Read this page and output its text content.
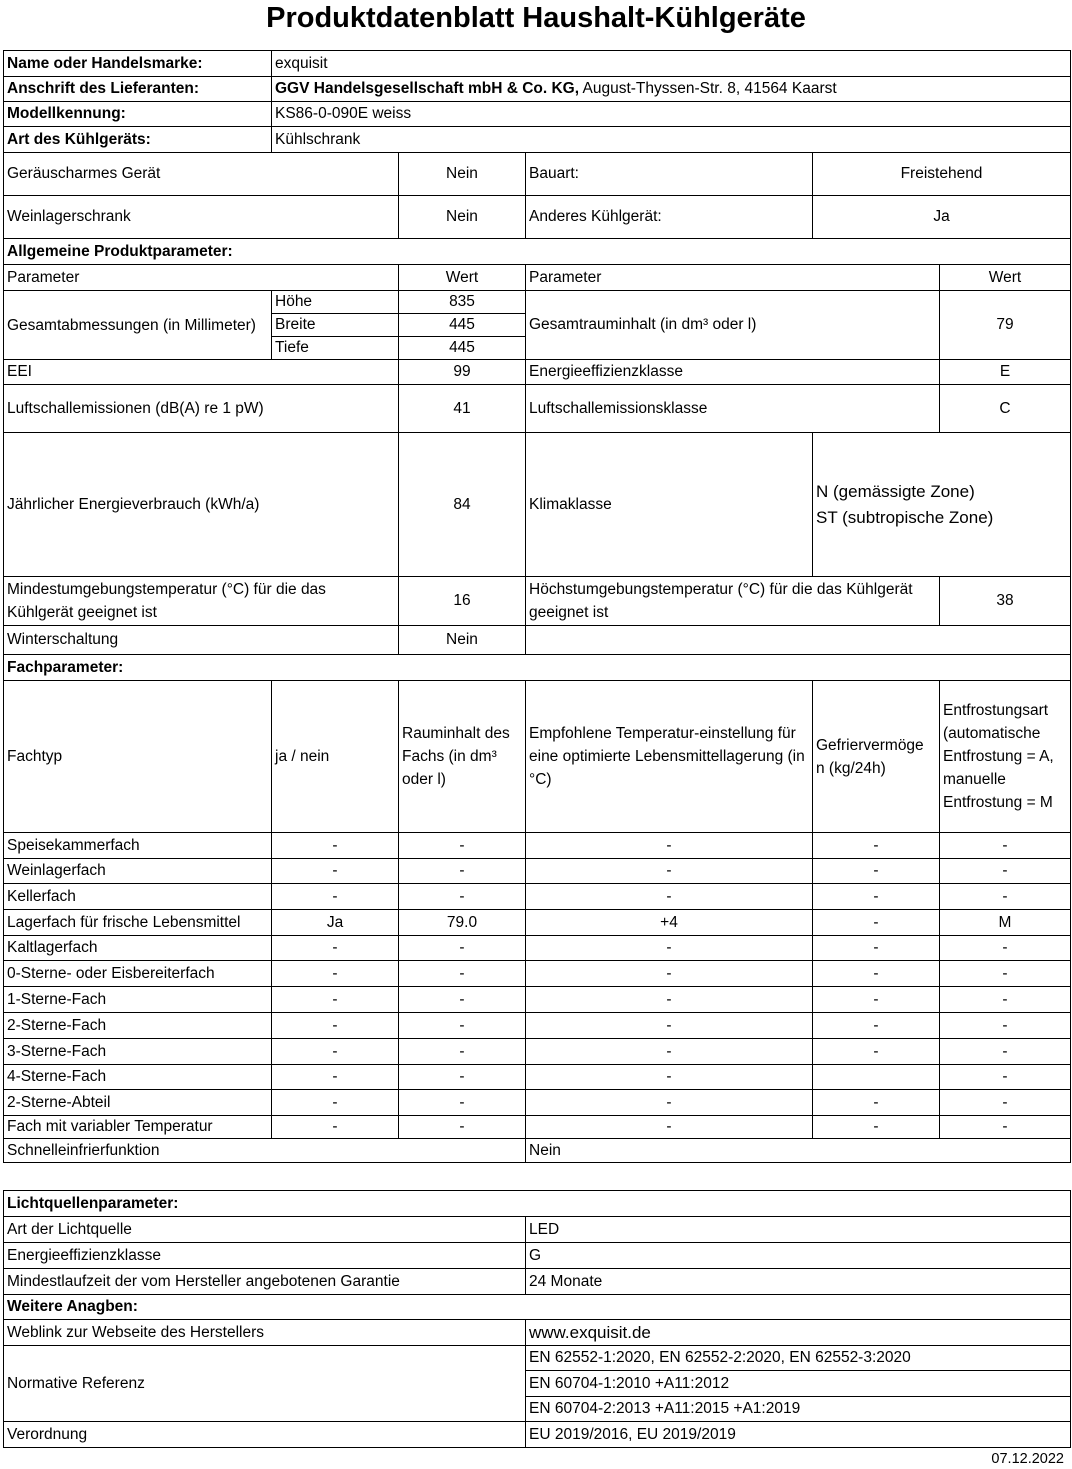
Produktdatenblatt Haushalt-Kühlgeräte
Name oder Handelsmarke:	exquisit				
Anschrift des Lieferanten:	GGV Handelsgesellschaft mbH & Co. KG, August-Thyssen-Str. 8, 41564 Kaarst				
Modellkennung:	KS86-0-090E weiss				
Art des Kühlgeräts:	Kühlschrank				
Geräuscharmes Gerät		Nein	Bauart:	Freistehend	
Weinlagerschrank		Nein	Anderes Kühlgerät:	Ja	
Allgemeine Produktparameter:					
Parameter		Wert	Parameter		Wert
Gesamtabmessungen (in Millimeter)	Höhe	835	Gesamtrauminhalt (in dm³ oder l)		79
	Breite	445			
	Tiefe	445			
EEI		99	Energieeffizienzklasse		E
Luftschallemissionen (dB(A) re 1 pW)		41	Luftschallemissionsklasse		C
Jährlicher Energieverbrauch (kWh/a)		84	Klimaklasse	N (gemässigte Zone)
ST (subtropische Zone)	

Mindestumgebungstemperatur (°C) für die das Kühlgerät geeignet ist		16	Höchstumgebungstemperatur (°C) für die das Kühlgerät geeignet ist		38
Winterschaltung		Nein			
Fachparameter:					
Fachtyp	ja / nein	Rauminhalt des Fachs (in dm³ oder l)	Empfohlene Temperatur-einstellung für eine optimierte Lebensmittellagerung (in °C)	Gefriervermöge n (kg/24h)	Entfrostungsart (automatische Entfrostung = A, manuelle Entfrostung = M
Speisekammerfach	-	-	-	-	-
Weinlagerfach	-	-	-	-	-
Kellerfach	-	-	-	-	-
Lagerfach für frische Lebensmittel	Ja	79.0	+4	-	M
Kaltlagerfach	-	-	-	-	-
0-Sterne- oder Eisbereiterfach	-	-	-	-	-
1-Sterne-Fach	-	-	-	-	-
2-Sterne-Fach	-	-	-	-	-
3-Sterne-Fach	-	-	-	-	-
4-Sterne-Fach	-	-	-		-
2-Sterne-Abteil	-	-	-	-	-
Fach mit variabler Temperatur	-	-	-	-	-
Schnelleinfrierfunktion			Nein		
Lichtquellenparameter:	
Art der Lichtquelle	LED
Energieeffizienzklasse	G
Mindestlaufzeit der vom Hersteller angebotenen Garantie	24 Monate
Weitere Anagben:	
Weblink zur Webseite des Herstellers	www.exquisit.de
Normative Referenz	EN 62552-1:2020, EN 62552-2:2020, EN 62552-3:2020
	EN 60704-1:2010 +A11:2012
	EN 60704-2:2013 +A11:2015 +A1:2019
Verordnung	EU 2019/2016, EU 2019/2019
07.12.2022
